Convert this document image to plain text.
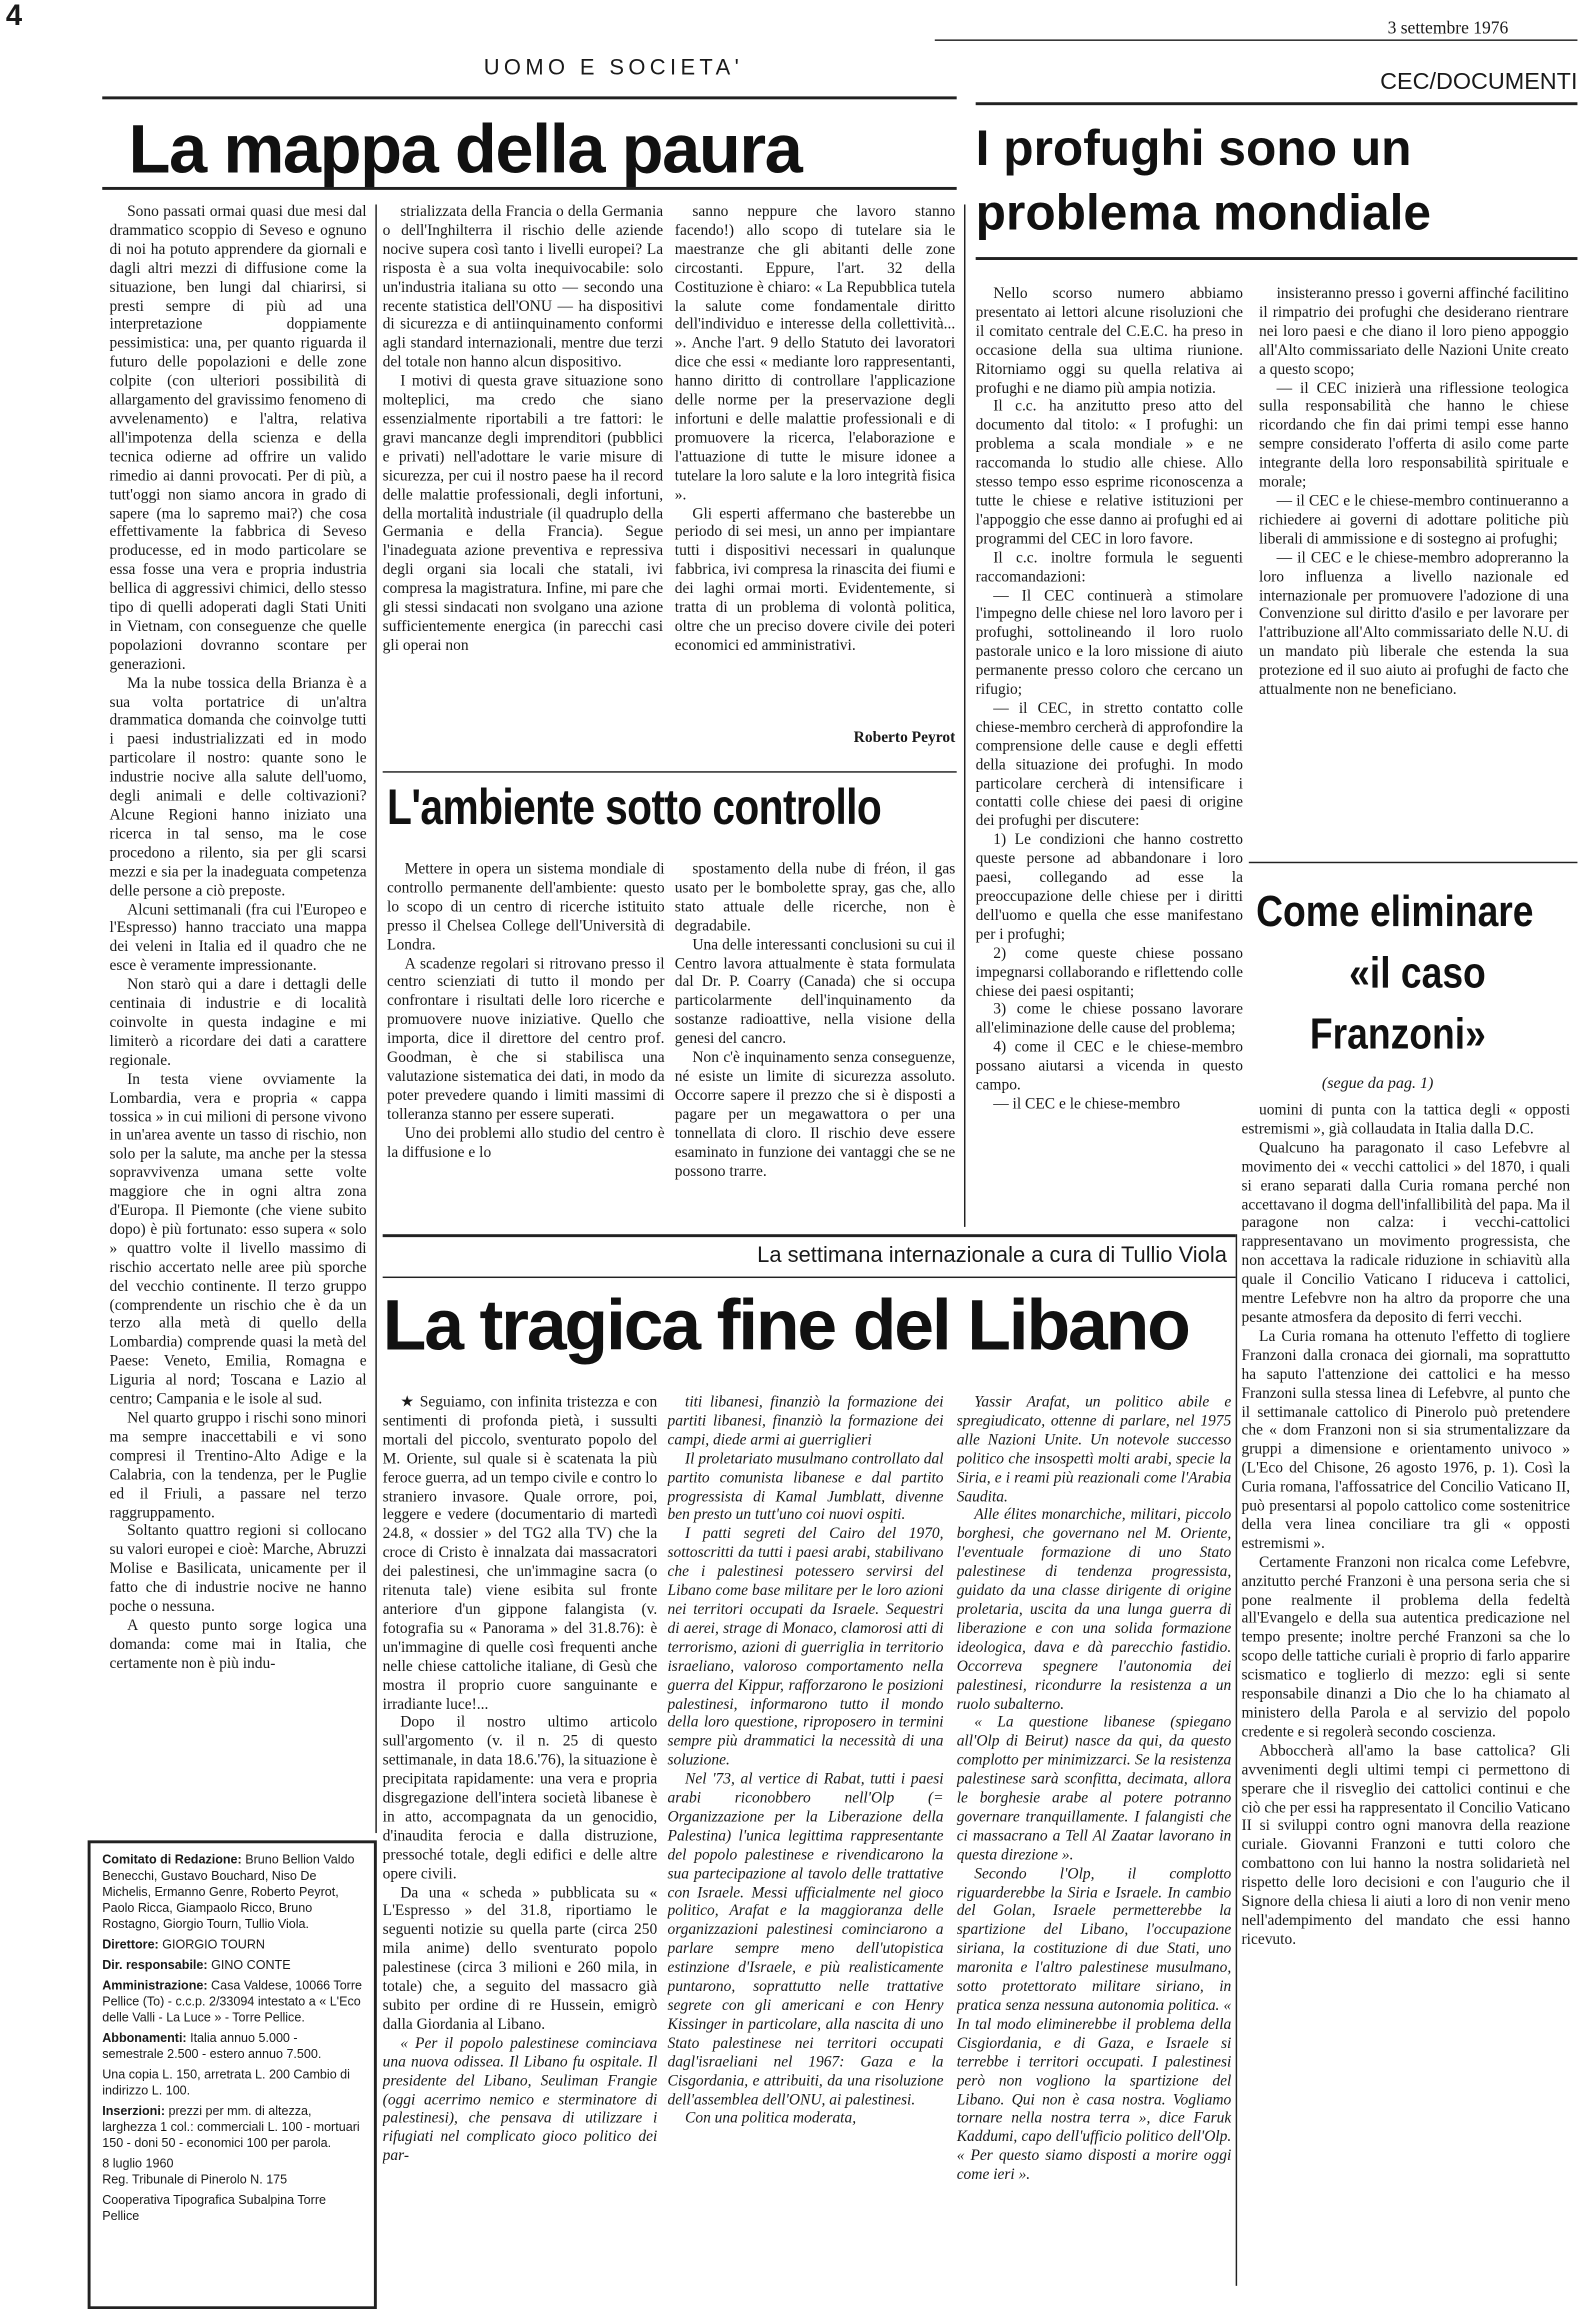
4	3 settembre 1976
UOMO E SOCIETA'
CEC/DOCUMENTI
La mappa della paura

Sono passati ormai quasi due mesi dal drammatico scoppio di Seveso e ognuno di noi ha potuto apprendere da giornali e dagli altri mezzi di diffusione come la situazione, ben lungi dal chiarirsi, si presti sempre di più ad una interpretazione doppiamente pessimistica: una, per quanto riguarda il futuro delle popolazioni e delle zone colpite (con ulteriori possibilità di allargamento del gravissimo fenomeno di avvelenamento) e l'altra, relativa all'impotenza della scienza e della tecnica odierne ad offrire un valido rimedio ai danni provocati. Per di più, a tutt'oggi non siamo ancora in grado di sapere (ma lo sapremo mai?) che cosa effettivamente la fabbrica di Seveso producesse, ed in modo particolare se essa fosse una vera e propria industria bellica di aggressivi chimici, dello stesso tipo di quelli adoperati dagli Stati Uniti in Vietnam, con conseguenze che quelle popolazioni dovranno scontare per generazioni.

Ma la nube tossica della Brianza è a sua volta portatrice di un'altra drammatica domanda che coinvolge tutti i paesi industrializzati ed in modo particolare il nostro: quante sono le industrie nocive alla salute dell'uomo, degli animali e delle coltivazioni? Alcune Regioni hanno iniziato una ricerca in tal senso, ma le cose procedono a rilento, sia per gli scarsi mezzi e sia per la inadeguata competenza delle persone a ciò preposte.

Alcuni settimanali (fra cui l'Europeo e l'Espresso) hanno tracciato una mappa dei veleni in Italia ed il quadro che ne esce è veramente impressionante.

Non starò qui a dare i dettagli delle centinaia di industrie e di località coinvolte in questa indagine e mi limiterò a ricordare dei dati a carattere regionale.

In testa viene ovviamente la Lombardia, vera e propria « cappa tossica » in cui milioni di persone vivono in un'area avente un tasso di rischio, non solo per la salute, ma anche per la stessa sopravvivenza umana sette volte maggiore che in ogni altra zona d'Europa. Il Piemonte (che viene subito dopo) è più fortunato: esso supera « solo » quattro volte il livello massimo di rischio accertato nelle aree più sporche del vecchio continente. Il terzo gruppo (comprendente un rischio che è da un terzo alla metà di quello della Lombardia) comprende quasi la metà del Paese: Veneto, Emilia, Romagna e Liguria al nord; Toscana e Lazio al centro; Campania e le isole al sud.

Nel quarto gruppo i rischi sono minori ma sempre inaccettabili e vi sono compresi il Trentino-Alto Adige e la Calabria, con la tendenza, per le Puglie ed il Friuli, a passare nel terzo raggruppamento.

Soltanto quattro regioni si collocano su valori europei e cioè: Marche, Abruzzi Molise e Basilicata, unicamente per il fatto che di industrie nocive ne hanno poche o nessuna.

A questo punto sorge logica una domanda: come mai in Italia, che certamente non è più indu-

strializzata della Francia o della Germania o dell'Inghilterra il rischio delle aziende nocive supera così tanto i livelli europei? La risposta è a sua volta inequivocabile: solo un'industria italiana su otto — secondo una recente statistica dell'ONU — ha dispositivi di sicurezza e di antiinquinamento conformi agli standard internazionali, mentre due terzi del totale non hanno alcun dispositivo.

I motivi di questa grave situazione sono molteplici, ma credo che siano essenzialmente riportabili a tre fattori: le gravi mancanze degli imprenditori (pubblici e privati) nell'adottare le varie misure di sicurezza, per cui il nostro paese ha il record delle malattie professionali, degli infortuni, della mortalità industriale (il quadruplo della Germania e della Francia). Segue l'inadeguata azione preventiva e repressiva degli organi sia locali che statali, ivi compresa la magistratura. Infine, mi pare che gli stessi sindacati non svolgano una azione sufficientemente energica (in parecchi casi gli operai non

sanno neppure che lavoro stanno facendo!) allo scopo di tutelare sia le maestranze che gli abitanti delle zone circostanti. Eppure, l'art. 32 della Costituzione è chiaro: « La Repubblica tutela la salute come fondamentale diritto dell'individuo e interesse della collettività... ». Anche l'art. 9 dello Statuto dei lavoratori dice che essi « mediante loro rappresentanti, hanno diritto di controllare l'applicazione delle norme per la preservazione degli infortuni e delle malattie professionali e di promuovere la ricerca, l'elaborazione e l'attuazione di tutte le misure idonee a tutelare la loro salute e la loro integrità fisica ».

Gli esperti affermano che basterebbe un periodo di sei mesi, un anno per impiantare tutti i dispositivi necessari in qualunque fabbrica, ivi compresa la rinascita dei fiumi e dei laghi ormai morti. Evidentemente, si tratta di un problema di volontà politica, oltre che un preciso dovere civile dei poteri economici ed amministrativi.

Roberto Peyrot
L'ambiente sotto controllo

Mettere in opera un sistema mondiale di controllo permanente dell'ambiente: questo lo scopo di un centro di ricerche istituito presso il Chelsea College dell'Università di Londra.

A scadenze regolari si ritrovano presso il centro scienziati di tutto il mondo per confrontare i risultati delle loro ricerche e promuovere nuove iniziative. Quello che importa, dice il direttore del centro prof. Goodman, è che si stabilisca una valutazione sistematica dei dati, in modo da poter prevedere quando i limiti massimi di tolleranza stanno per essere superati.

Uno dei problemi allo studio del centro è la diffusione e lo

spostamento della nube di fréon, il gas usato per le bombolette spray, gas che, allo stato attuale delle ricerche, non è degradabile.

Una delle interessanti conclusioni su cui il Centro lavora attualmente è stata formulata dal Dr. P. Coarry (Canada) che si occupa particolarmente dell'inquinamento da sostanze radioattive, nella visione della genesi del cancro.

Non c'è inquinamento senza conseguenze, né esiste un limite di sicurezza assoluto. Occorre sapere il prezzo che si è disposti a pagare per un megawattora o per una tonnellata di cloro. Il rischio deve essere esaminato in funzione dei vantaggi che se ne possono trarre.

I profughi sono un
problema mondiale

Nello scorso numero abbiamo presentato ai lettori alcune risoluzioni che il comitato centrale del C.E.C. ha preso in occasione della sua ultima riunione. Ritorniamo oggi su quella relativa ai profughi e ne diamo più ampia notizia.

Il c.c. ha anzitutto preso atto del documento dal titolo: « I profughi: un problema a scala mondiale » e ne raccomanda lo studio alle chiese. Allo stesso tempo esso esprime riconoscenza a tutte le chiese e relative istituzioni per l'appoggio che esse danno ai profughi ed ai programmi del CEC in loro favore.

Il c.c. inoltre formula le seguenti raccomandazioni:

— Il CEC continuerà a stimolare l'impegno delle chiese nel loro lavoro per i profughi, sottolineando il loro ruolo pastorale unico e la loro missione di aiuto permanente presso coloro che cercano un rifugio;

— il CEC, in stretto contatto colle chiese-membro cercherà di approfondire la comprensione delle cause e degli effetti della situazione dei profughi. In modo particolare cercherà di intensificare i contatti colle chiese dei paesi di origine dei profughi per discutere:

1) Le condizioni che hanno costretto queste persone ad abbandonare i loro paesi, collegando ad esse la preoccupazione delle chiese per i diritti dell'uomo e quella che esse manifestano per i profughi;

2) come queste chiese possano impegnarsi collaborando e riflettendo colle chiese dei paesi ospitanti;

3) come le chiese possano lavorare all'eliminazione delle cause del problema;

4) come il CEC e le chiese-membro possano aiutarsi a vicenda in questo campo.

— il CEC e le chiese-membro

insisteranno presso i governi affinché facilitino il rimpatrio dei profughi che desiderano rientrare nei loro paesi e che diano il loro pieno appoggio all'Alto commissariato delle Nazioni Unite creato a questo scopo;

— il CEC inizierà una riflessione teologica sulla responsabilità che hanno le chiese ricordando che fin dai primi tempi esse hanno sempre considerato l'offerta di asilo come parte integrante della loro responsabilità spirituale e morale;

— il CEC e le chiese-membro continueranno a richiedere ai governi di adottare politiche più liberali di ammissione e di sostegno ai profughi;

— il CEC e le chiese-membro adopreranno la loro influenza a livello nazionale ed internazionale per promuovere l'adozione di una Convenzione sul diritto d'asilo e per lavorare per l'attribuzione all'Alto commissariato delle N.U. di un mandato più liberale che estenda la sua protezione ed il suo aiuto ai profughi de facto che attualmente non ne beneficiano.

Come eliminare
«il caso
Franzoni»
(segue da pag. 1)

uomini di punta con la tattica degli « opposti estremismi », già collaudata in Italia dalla D.C.

Qualcuno ha paragonato il caso Lefebvre al movimento dei « vecchi cattolici » del 1870, i quali si erano separati dalla Curia romana perché non accettavano il dogma dell'infallibilità del papa. Ma il paragone non calza: i vecchi-cattolici rappresentavano un movimento progressista, che non accettava la radicale riduzione in schiavitù alla quale il Concilio Vaticano I riduceva i cattolici, mentre Lefebvre non ha altro da proporre che una pesante atmosfera da deposito di ferri vecchi.

La Curia romana ha ottenuto l'effetto di togliere Franzoni dalla cronaca dei giornali, ma soprattutto ha saputo l'attenzione dei cattolici e ha messo Franzoni sulla stessa linea di Lefebvre, al punto che il settimanale cattolico di Pinerolo può pretendere che « dom Franzoni non si sia strumentalizzare da gruppi a dimensione e orientamento univoco » (L'Eco del Chisone, 26 agosto 1976, p. 1). Così la Curia romana, l'affossatrice del Concilio Vaticano II, può presentarsi al popolo cattolico come sostenitrice della vera linea conciliare tra gli « opposti estremismi ».

Certamente Franzoni non ricalca come Lefebvre, anzitutto perché Franzoni è una persona seria che si pone realmente il problema della fedeltà all'Evangelo e della sua autentica predicazione nel tempo presente; inoltre perché Franzoni sa che lo scopo delle tattiche curiali è proprio di farlo apparire scismatico e toglierlo di mezzo: egli si sente responsabile dinanzi a Dio che lo ha chiamato al ministero della Parola e al servizio del popolo credente e si regolerà secondo coscienza.

Abboccherà all'amo la base cattolica? Gli avvenimenti degli ultimi tempi ci permettono di sperare che il risveglio dei cattolici continui e che ciò che per essi ha rappresentato il Concilio Vaticano II si sviluppi contro ogni manovra della reazione curiale. Giovanni Franzoni e tutti coloro che combattono con lui hanno la nostra solidarietà nel rispetto delle loro decisioni e con l'augurio che il Signore della chiesa li aiuti a loro di non venir meno nell'adempimento del mandato che essi hanno ricevuto.

La settimana internazionale a cura di Tullio Viola
La tragica fine del Libano

★ Seguiamo, con infinita tristezza e con sentimenti di profonda pietà, i sussulti mortali del piccolo, sventurato popolo del M. Oriente, sul quale si è scatenata la più feroce guerra, ad un tempo civile e contro lo straniero invasore. Quale orrore, poi, leggere e vedere (documentario di martedì 24.8, « dossier » del TG2 alla TV) che la croce di Cristo è innalzata dai massacratori dei palestinesi, che un'immagine sacra (o ritenuta tale) viene esibita sul fronte anteriore d'un gippone falangista (v. fotografia su « Panorama » del 31.8.76): è un'immagine di quelle così frequenti anche nelle chiese cattoliche italiane, di Gesù che mostra il proprio cuore sanguinante e irradiante luce!...

Dopo il nostro ultimo articolo sull'argomento (v. il n. 25 di questo settimanale, in data 18.6.'76), la situazione è precipitata rapidamente: una vera e propria disgregazione dell'intera società libanese è in atto, accompagnata da un genocidio, d'inaudita ferocia e dalla distruzione, pressoché totale, degli edifici e delle altre opere civili.

Da una « scheda » pubblicata su « L'Espresso » del 31.8, riportiamo le seguenti notizie su quella parte (circa 250 mila anime) dello sventurato popolo palestinese (circa 3 milioni e 260 mila, in totale) che, a seguito del massacro già subito per ordine di re Hussein, emigrò dalla Giordania al Libano.

« Per il popolo palestinese cominciava una nuova odissea. Il Libano fu ospitale. Il presidente del Libano, Seuliman Frangie (oggi acerrimo nemico e sterminatore di palestinesi), che pensava di utilizzare i rifugiati nel complicato gioco politico dei par-

titi libanesi, finanziò la formazione dei partiti libanesi, finanziò la formazione dei campi, diede armi ai guerriglieri

Il proletariato musulmano controllato dal partito comunista libanese e dal partito progressista di Kamal Jumblatt, divenne ben presto un tutt'uno coi nuovi ospiti.

I patti segreti del Cairo del 1970, sottoscritti da tutti i paesi arabi, stabilivano che i palestinesi potessero servirsi del Libano come base militare per le loro azioni nei territori occupati da Israele. Sequestri di aerei, strage di Monaco, clamorosi atti di terrorismo, azioni di guerriglia in territorio israeliano, valoroso comportamento nella guerra del Kippur, rafforzarono le posizioni palestinesi, informarono tutto il mondo della loro questione, riproposero in termini sempre più drammatici la necessità di una soluzione.

Nel '73, al vertice di Rabat, tutti i paesi arabi riconobbero nell'Olp (= Organizzazione per la Liberazione della Palestina) l'unica legittima rappresentante del popolo palestinese e rivendicarono la sua partecipazione al tavolo delle trattative con Israele. Messi ufficialmente nel gioco politico, Arafat e la maggioranza delle organizzazioni palestinesi cominciarono a parlare sempre meno dell'utopistica estinzione d'Israele, e più realisticamente puntarono, soprattutto nelle trattative segrete con gli americani e con Henry Kissinger in particolare, alla nascita di uno Stato palestinese nei territori occupati dagl'israeliani nel 1967: Gaza e la Cisgordania, e attribuiti, da una risoluzione dell'assemblea dell'ONU, ai palestinesi.

Con una politica moderata,

Yassir Arafat, un politico abile e spregiudicato, ottenne di parlare, nel 1975 alle Nazioni Unite. Un notevole successo politico che insospettì molti arabi, specie la Siria, e i reami più reazionali come l'Arabia Saudita.

Alle élites monarchiche, militari, piccolo borghesi, che governano nel M. Oriente, l'eventuale formazione di uno Stato palestinese di tendenza progressista, guidato da una classe dirigente di origine proletaria, uscita da una lunga guerra di liberazione e con una solida formazione ideologica, dava e dà parecchio fastidio. Occorreva spegnere l'autonomia dei palestinesi, ricondurre la resistenza a un ruolo subalterno.

« La questione libanese (spiegano all'Olp di Beirut) nasce da qui, da questo complotto per minimizzarci. Se la resistenza palestinese sarà sconfitta, decimata, allora le borghesie arabe al potere potranno governare tranquillamente. I falangisti che ci massacrano a Tell Al Zaatar lavorano in questa direzione ».

Secondo l'Olp, il complotto riguarderebbe la Siria e Israele. In cambio del Golan, Israele permetterebbe la spartizione del Libano, l'occupazione siriana, la costituzione di due Stati, uno maronita e l'altro palestinese musulmano, sotto protettorato militare siriano, in pratica senza nessuna autonomia politica. « In tal modo eliminerebbe il problema della Cisgiordania, e di Gaza, e Israele si terrebbe i territori occupati. I palestinesi però non vogliono la spartizione del Libano. Qui non è casa nostra. Vogliamo tornare nella nostra terra », dice Faruk Kaddumi, capo dell'ufficio politico dell'Olp. « Per questo siamo disposti a morire oggi come ieri ».

Comitato di Redazione: Bruno Bellion Valdo Benecchi, Gustavo Bouchard, Niso De Michelis, Ermanno Genre, Roberto Peyrot, Paolo Ricca, Giampaolo Ricco, Bruno Rostagno, Giorgio Tourn, Tullio Viola.

Direttore: GIORGIO TOURN

Dir. responsabile: GINO CONTE

Amministrazione: Casa Valdese, 10066 Torre Pellice (To) - c.c.p. 2/33094 intestato a « L'Eco delle Valli - La Luce » - Torre Pellice.

Abbonamenti: Italia annuo 5.000 - semestrale 2.500 - estero annuo 7.500.

Una copia L. 150, arretrata L. 200 Cambio di indirizzo L. 100.

Inserzioni: prezzi per mm. di altezza, larghezza 1 col.: commerciali L. 100 - mortuari 150 - doni 50 - economici 100 per parola.

8 luglio 1960

Reg. Tribunale di Pinerolo N. 175

Cooperativa Tipografica Subalpina Torre Pellice
